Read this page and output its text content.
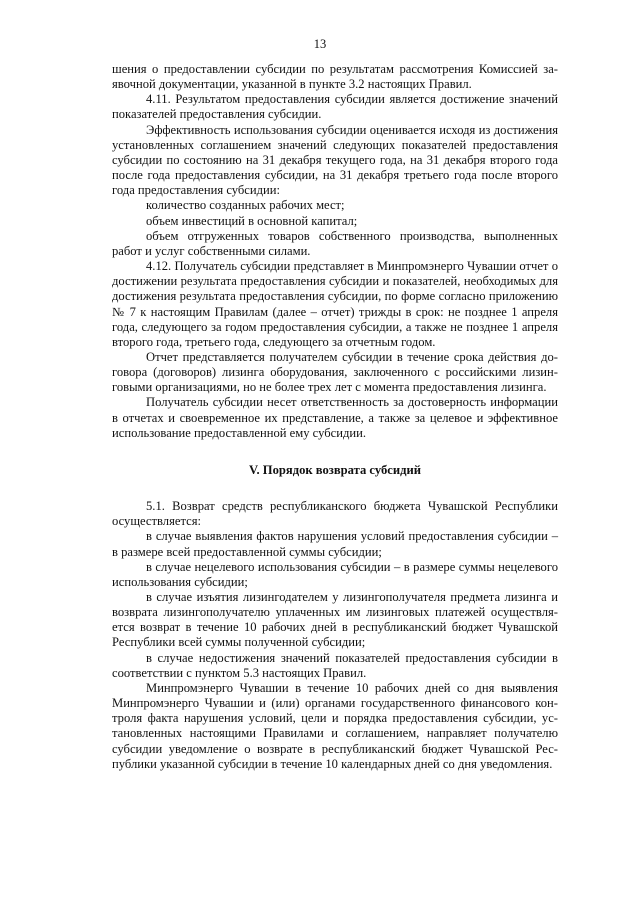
13

шения о предоставлении субсидии по результатам рассмотрения Комиссией заявочной документации, указанной в пункте 3.2 настоящих Правил.

4.11. Результатом предоставления субсидии является достижение значений показателей предоставления субсидии.

Эффективность использования субсидии оценивается исходя из достижения установленных соглашением значений следующих показателей предоставления субсидии по состоянию на 31 декабря текущего года, на 31 декабря второго года после года предоставления субсидии, на 31 декабря третьего года после второго года предоставления субсидии:

количество созданных рабочих мест;

объем инвестиций в основной капитал;

объем отгруженных товаров собственного производства, выполненных работ и услуг собственными силами.

4.12. Получатель субсидии представляет в Минпромэнерго Чувашии отчет о достижении результата предоставления субсидии и показателей, необходимых для достижения результата предоставления субсидии, по форме согласно приложению № 7 к настоящим Правилам (далее – отчет) трижды в срок: не позднее 1 апреля года, следующего за годом предоставления субсидии, а также не позднее 1 апреля второго года, третьего года, следующего за отчетным годом.

Отчет представляется получателем субсидии в течение срока действия договора (договоров) лизинга оборудования, заключенного с российскими лизинговыми организациями, но не более трех лет с момента предоставления лизинга.

Получатель субсидии несет ответственность за достоверность информации в отчетах и своевременное их представление, а также за целевое и эффективное использование предоставленной ему субсидии.

V. Порядок возврата субсидий

5.1. Возврат средств республиканского бюджета Чувашской Республики осуществляется:

в случае выявления фактов нарушения условий предоставления субсидии – в размере всей предоставленной суммы субсидии;

в случае нецелевого использования субсидии – в размере суммы нецелевого использования субсидии;

в случае изъятия лизингодателем у лизингополучателя предмета лизинга и возврата лизингополучателю уплаченных им лизинговых платежей осуществляется возврат в течение 10 рабочих дней в республиканский бюджет Чувашской Республики всей суммы полученной субсидии;

в случае недостижения значений показателей предоставления субсидии в соответствии с пунктом 5.3 настоящих Правил.

Минпромэнерго Чувашии в течение 10 рабочих дней со дня выявления Минпромэнерго Чувашии и (или) органами государственного финансового контроля факта нарушения условий, цели и порядка предоставления субсидии, установленных настоящими Правилами и соглашением, направляет получателю субсидии уведомление о возврате в республиканский бюджет Чувашской Республики указанной субсидии в течение 10 календарных дней со дня уведомления.
